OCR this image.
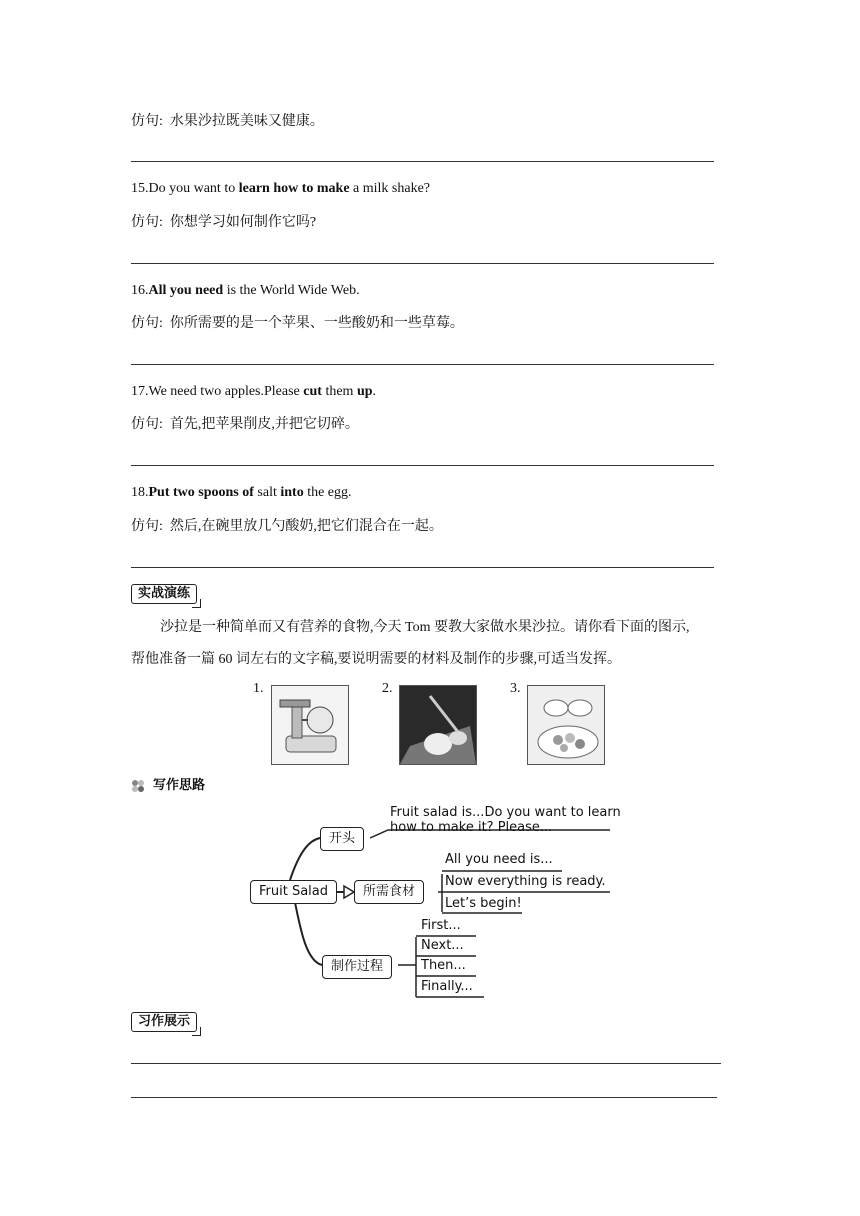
仿句: 水果沙拉既美味又健康。
15.Do you want to learn how to make a milk shake?
仿句: 你想学习如何制作它吗?
16.All you need is the World Wide Web.
仿句: 你所需要的是一个苹果、一些酸奶和一些草莓。
17.We need two apples.Please cut them up.
仿句: 首先,把苹果削皮,并把它切碎。
18.Put two spoons of salt into the egg.
仿句: 然后,在碗里放几勺酸奶,把它们混合在一起。
实战演练
沙拉是一种简单而又有营养的食物,今天 Tom 要教大家做水果沙拉。请你看下面的图示,
帮他准备一篇 60 词左右的文字稿,要说明需要的材料及制作的步骤,可适当发挥。
1.	2.	3.
写作思路
Fruit Salad
开头
所需食材
制作过程
Fruit salad is...Do you want to learn
how to make it? Please...
All you need is...
Now everything is ready.
Let’s begin!
First...
Next...
Then...
Finally...
习作展示
